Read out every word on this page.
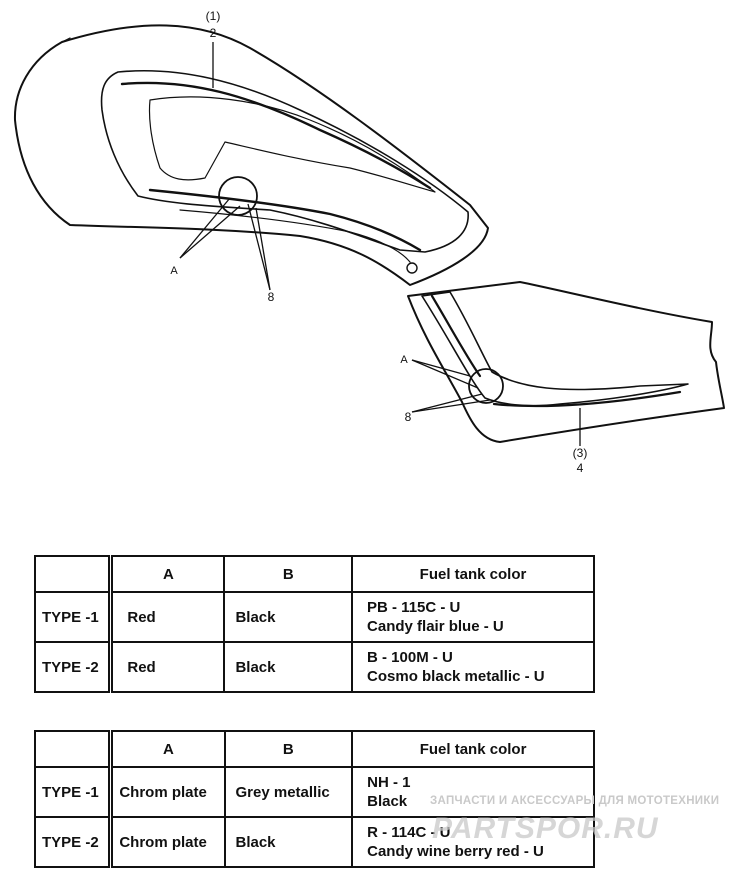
(1)
2
A
8
A
8
(3)
4
	A	B	Fuel tank color
TYPE -1	Red	Black	PB - 115C - U
Candy flair blue - U

TYPE -2	Red	Black	B - 100M - U
Cosmo black metallic - U
	A	B	Fuel tank color
TYPE -1	Chrom plate	Grey metallic	NH - 1
Black

TYPE -2	Chrom plate	Black	R - 114C - U
Candy wine berry red - U
ЗАПЧАСТИ И АКСЕССУАРЫ ДЛЯ МОТОТЕХНИКИ
PARTSPOR.RU
